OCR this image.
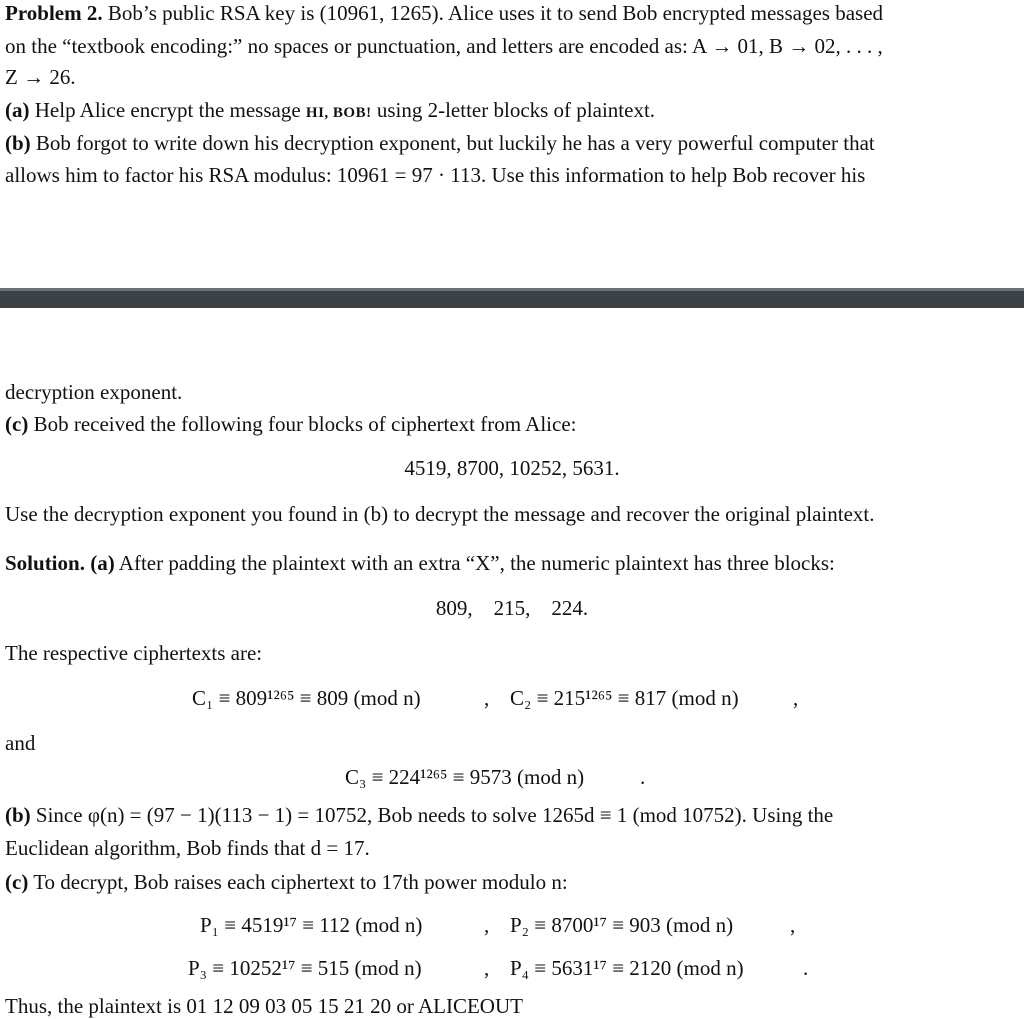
Problem 2. Bob’s public RSA key is (10961, 1265). Alice uses it to send Bob encrypted messages based
on the “textbook encoding:” no spaces or punctuation, and letters are encoded as: A → 01, B → 02, . . . ,
Z → 26.
(a) Help Alice encrypt the message HI, BOB! using 2-letter blocks of plaintext.
(b) Bob forgot to write down his decryption exponent, but luckily he has a very powerful computer that
allows him to factor his RSA modulus: 10961 = 97 · 113. Use this information to help Bob recover his
decryption exponent.
(c) Bob received the following four blocks of ciphertext from Alice:
4519, 8700, 10252, 5631.
Use the decryption exponent you found in (b) to decrypt the message and recover the original plaintext.
Solution. (a) After padding the plaintext with an extra “X”, the numeric plaintext has three blocks:
809,    215,    224.
The respective ciphertexts are:
C₁ ≡ 809¹²⁶⁵ ≡ 809 (mod n)	, C₂ ≡ 215¹²⁶⁵ ≡ 817 (mod n)	,
and
C₃ ≡ 224¹²⁶⁵ ≡ 9573 (mod n)	.
(b) Since φ(n) = (97 − 1)(113 − 1) = 10752, Bob needs to solve 1265d ≡ 1 (mod 10752). Using the
Euclidean algorithm, Bob finds that d = 17.
(c) To decrypt, Bob raises each ciphertext to 17th power modulo n:
P₁ ≡ 4519¹⁷ ≡ 112 (mod n)	, P₂ ≡ 8700¹⁷ ≡ 903 (mod n)	,
P₃ ≡ 10252¹⁷ ≡ 515 (mod n)	, P₄ ≡ 5631¹⁷ ≡ 2120 (mod n)	.
Thus, the plaintext is 01 12 09 03 05 15 21 20 or ALICEOUT
